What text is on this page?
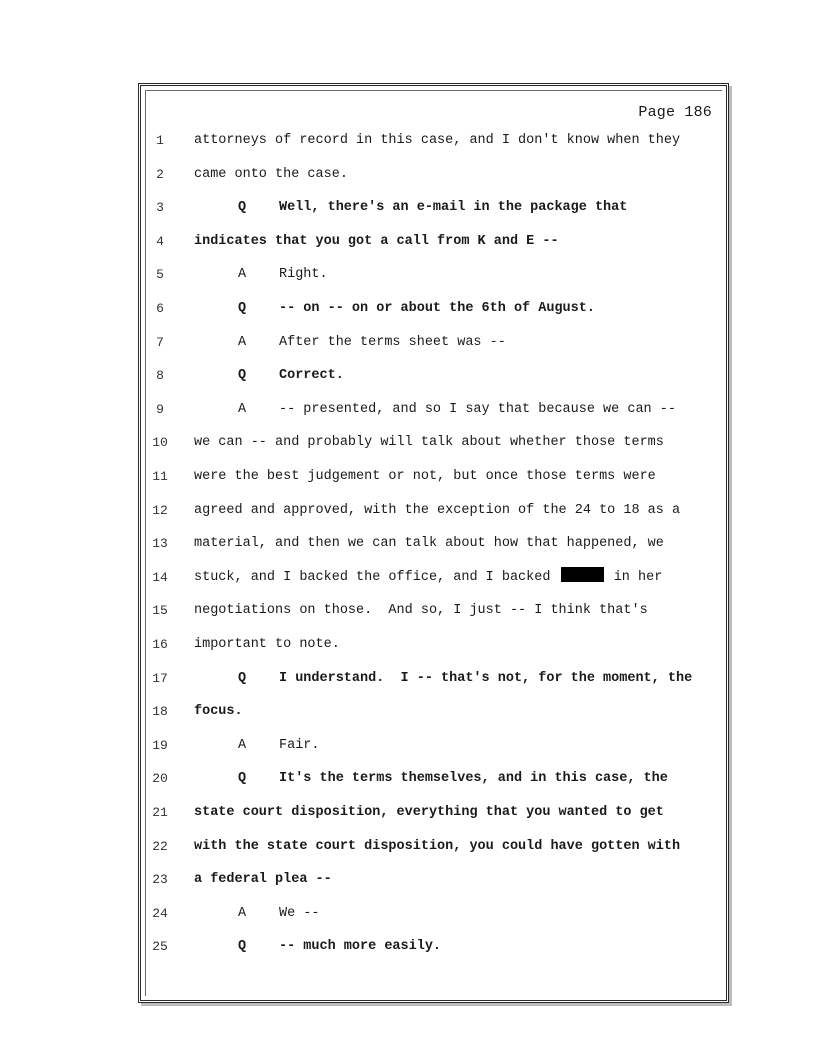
Page 186
1	attorneys of record in this case, and I don't know when they
2	came onto the case.
3	Q Well, there's an e-mail in the package that
4	indicates that you got a call from K and E --
5	A Right.
6	Q -- on -- on or about the 6th of August.
7	A After the terms sheet was --
8	Q Correct.
9	A -- presented, and so I say that because we can --
10 we can -- and probably will talk about whether those terms
11 were the best judgement or not, but once those terms were
12 agreed and approved, with the exception of the 24 to 18 as a
13 material, and then we can talk about how that happened, we
14 stuck, and I backed the office, and I backed	in her
15 negotiations on those.  And so, I just -- I think that's
16 important to note.
17	Q I understand.  I -- that's not, for the moment, the
18 focus.
19	A Fair.
20	Q It's the terms themselves, and in this case, the
21 state court disposition, everything that you wanted to get
22 with the state court disposition, you could have gotten with
23 a federal plea --
24	A We --
25	Q -- much more easily.
